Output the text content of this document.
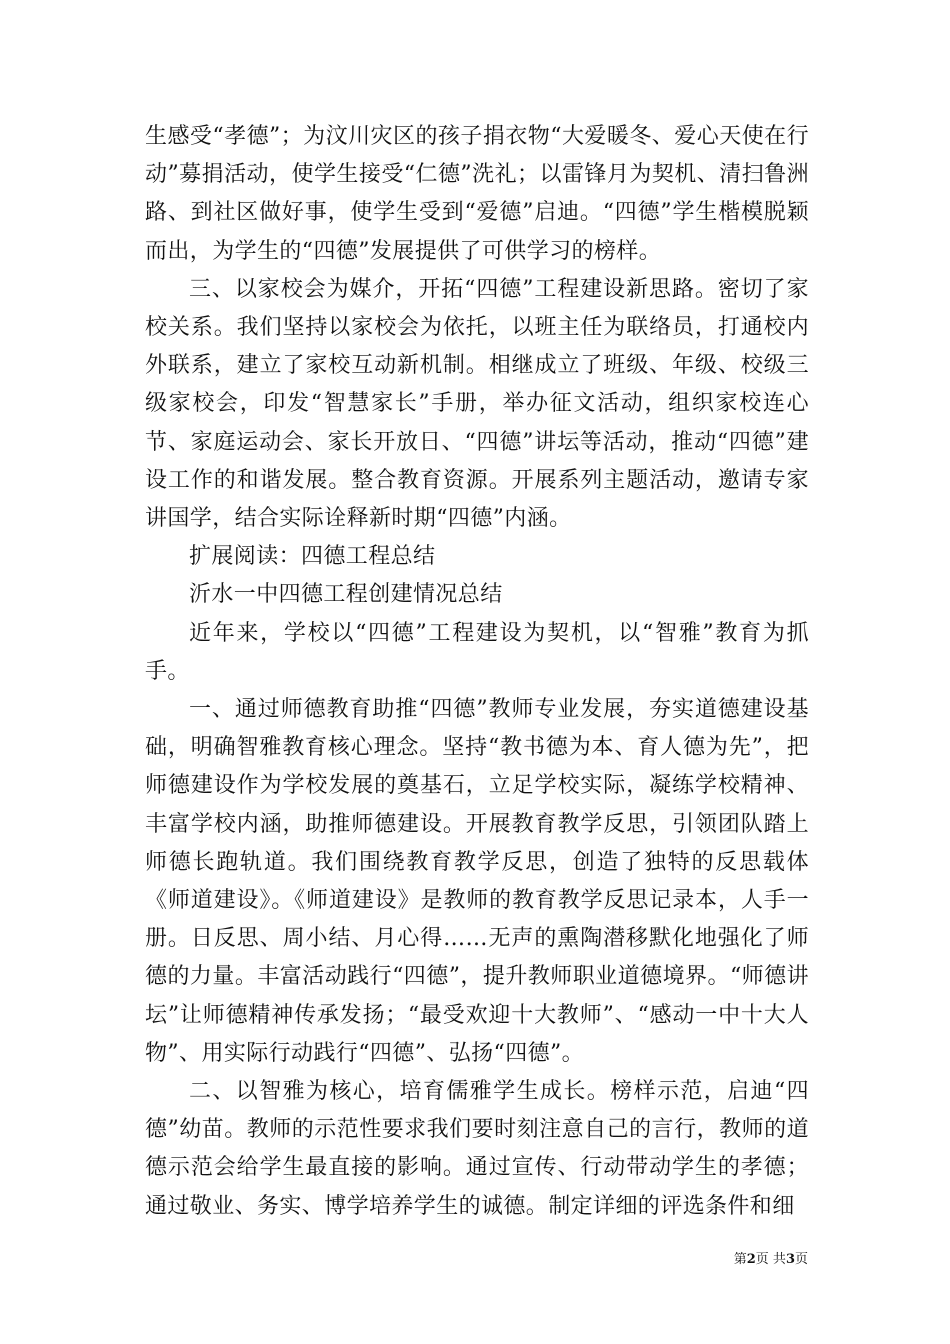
生感受“孝德”；为汶川灾区的孩子捐衣物“大爱暖冬、爱心天使在行动”募捐活动，使学生接受“仁德”洗礼；以雷锋月为契机、清扫鲁洲路、到社区做好事，使学生受到“爱德”启迪。“四德”学生楷模脱颖而出，为学生的“四德”发展提供了可供学习的榜样。

三、以家校会为媒介，开拓“四德”工程建设新思路。密切了家校关系。我们坚持以家校会为依托，以班主任为联络员，打通校内外联系，建立了家校互动新机制。相继成立了班级、年级、校级三级家校会，印发“智慧家长”手册，举办征文活动，组织家校连心节、家庭运动会、家长开放日、“四德”讲坛等活动，推动“四德”建设工作的和谐发展。整合教育资源。开展系列主题活动，邀请专家讲国学，结合实际诠释新时期“四德”内涵。

扩展阅读：四德工程总结

沂水一中四德工程创建情况总结

近年来，学校以“四德”工程建设为契机，以“智雅”教育为抓手。

一、通过师德教育助推“四德”教师专业发展，夯实道德建设基础，明确智雅教育核心理念。坚持“教书德为本、育人德为先”，把师德建设作为学校发展的奠基石，立足学校实际，凝练学校精神、丰富学校内涵，助推师德建设。开展教育教学反思，引领团队踏上师德长跑轨道。我们围绕教育教学反思，创造了独特的反思载体《师道建设》。《师道建设》是教师的教育教学反思记录本，人手一册。日反思、周小结、月心得……无声的熏陶潜移默化地强化了师德的力量。丰富活动践行“四德”，提升教师职业道德境界。“师德讲坛”让师德精神传承发扬；“最受欢迎十大教师”、“感动一中十大人物”、用实际行动践行“四德”、弘扬“四德”。

二、以智雅为核心，培育儒雅学生成长。榜样示范，启迪“四德”幼苗。教师的示范性要求我们要时刻注意自己的言行，教师的道德示范会给学生最直接的影响。通过宣传、行动带动学生的孝德；通过敬业、务实、博学培养学生的诚德。制定详细的评选条件和细

第2页 共3页
